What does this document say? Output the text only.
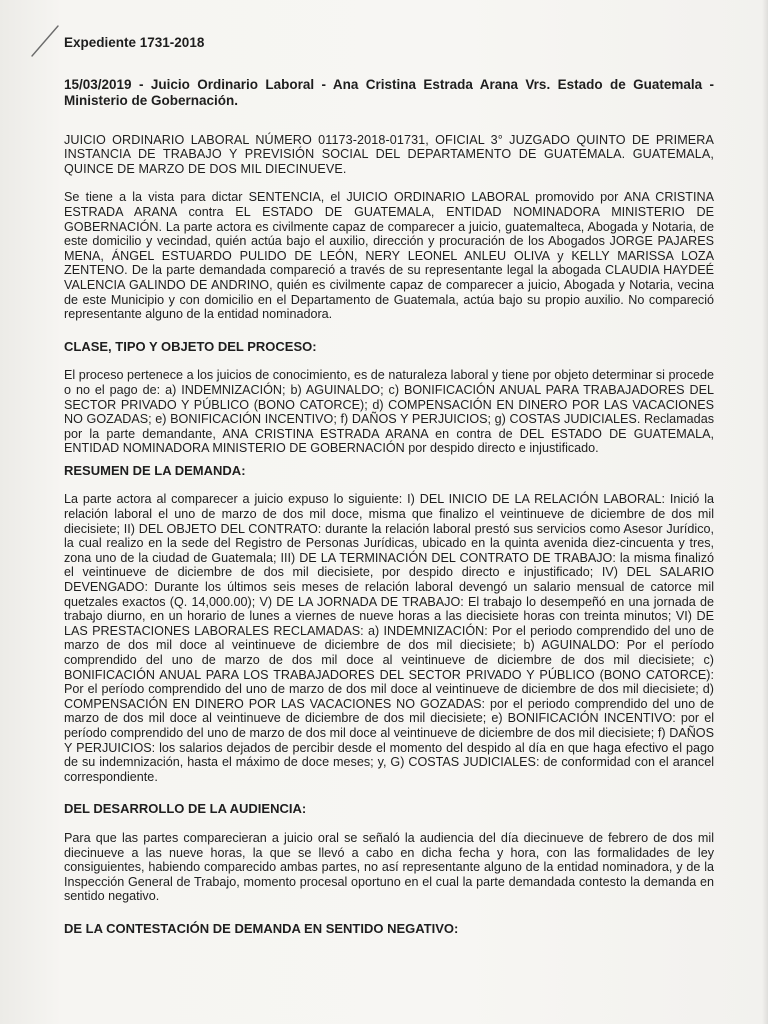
Expediente 1731-2018

15/03/2019 - Juicio Ordinario Laboral - Ana Cristina Estrada Arana Vrs. Estado de Guatemala - Ministerio de Gobernación.

JUICIO ORDINARIO LABORAL NÚMERO 01173-2018-01731, OFICIAL 3° JUZGADO QUINTO DE PRIMERA INSTANCIA DE TRABAJO Y PREVISIÓN SOCIAL DEL DEPARTAMENTO DE GUATEMALA. GUATEMALA, QUINCE DE MARZO DE DOS MIL DIECINUEVE.

Se tiene a la vista para dictar SENTENCIA, el JUICIO ORDINARIO LABORAL promovido por ANA CRISTINA ESTRADA ARANA contra EL ESTADO DE GUATEMALA, ENTIDAD NOMINADORA MINISTERIO DE GOBERNACIÓN. La parte actora es civilmente capaz de comparecer a juicio, guatemalteca, Abogada y Notaria, de este domicilio y vecindad, quién actúa bajo el auxilio, dirección y procuración de los Abogados JORGE PAJARES MENA, ÁNGEL ESTUARDO PULIDO DE LEÓN, NERY LEONEL ANLEU OLIVA y KELLY MARISSA LOZA ZENTENO. De la parte demandada compareció a través de su representante legal la abogada CLAUDIA HAYDEÉ VALENCIA GALINDO DE ANDRINO, quién es civilmente capaz de comparecer a juicio, Abogada y Notaria, vecina de este Municipio y con domicilio en el Departamento de Guatemala, actúa bajo su propio auxilio. No compareció representante alguno de la entidad nominadora.

CLASE, TIPO Y OBJETO DEL PROCESO:

El proceso pertenece a los juicios de conocimiento, es de naturaleza laboral y tiene por objeto determinar si procede o no el pago de: a) INDEMNIZACIÓN; b) AGUINALDO; c) BONIFICACIÓN ANUAL PARA TRABAJADORES DEL SECTOR PRIVADO Y PÚBLICO (BONO CATORCE); d) COMPENSACIÓN EN DINERO POR LAS VACACIONES NO GOZADAS; e) BONIFICACIÓN INCENTIVO; f) DAÑOS Y PERJUICIOS; g) COSTAS JUDICIALES. Reclamadas por la parte demandante, ANA CRISTINA ESTRADA ARANA en contra de DEL ESTADO DE GUATEMALA, ENTIDAD NOMINADORA MINISTERIO DE GOBERNACIÓN por despido directo e injustificado.

RESUMEN DE LA DEMANDA:

La parte actora al comparecer a juicio expuso lo siguiente: I) DEL INICIO DE LA RELACIÓN LABORAL: Inició la relación laboral el uno de marzo de dos mil doce, misma que finalizo el veintinueve de diciembre de dos mil diecisiete; II) DEL OBJETO DEL CONTRATO: durante la relación laboral prestó sus servicios como Asesor Jurídico, la cual realizo en la sede del Registro de Personas Jurídicas, ubicado en la quinta avenida diez-cincuenta y tres, zona uno de la ciudad de Guatemala; III) DE LA TERMINACIÓN DEL CONTRATO DE TRABAJO: la misma finalizó el veintinueve de diciembre de dos mil diecisiete, por despido directo e injustificado; IV) DEL SALARIO DEVENGADO: Durante los últimos seis meses de relación laboral devengó un salario mensual de catorce mil quetzales exactos (Q. 14,000.00); V) DE LA JORNADA DE TRABAJO: El trabajo lo desempeñó en una jornada de trabajo diurno, en un horario de lunes a viernes de nueve horas a las diecisiete horas con treinta minutos; VI) DE LAS PRESTACIONES LABORALES RECLAMADAS: a) INDEMNIZACIÓN: Por el periodo comprendido del uno de marzo de dos mil doce al veintinueve de diciembre de dos mil diecisiete; b) AGUINALDO: Por el período comprendido del uno de marzo de dos mil doce al veintinueve de diciembre de dos mil diecisiete; c) BONIFICACIÓN ANUAL PARA LOS TRABAJADORES DEL SECTOR PRIVADO Y PÚBLICO (BONO CATORCE): Por el período comprendido del uno de marzo de dos mil doce al veintinueve de diciembre de dos mil diecisiete; d) COMPENSACIÓN EN DINERO POR LAS VACACIONES NO GOZADAS: por el periodo comprendido del uno de marzo de dos mil doce al veintinueve de diciembre de dos mil diecisiete; e) BONIFICACIÓN INCENTIVO: por el período comprendido del uno de marzo de dos mil doce al veintinueve de diciembre de dos mil diecisiete; f) DAÑOS Y PERJUICIOS: los salarios dejados de percibir desde el momento del despido al día en que haga efectivo el pago de su indemnización, hasta el máximo de doce meses; y, G) COSTAS JUDICIALES: de conformidad con el arancel correspondiente.

DEL DESARROLLO DE LA AUDIENCIA:

Para que las partes comparecieran a juicio oral se señaló la audiencia del día diecinueve de febrero de dos mil diecinueve a las nueve horas, la que se llevó a cabo en dicha fecha y hora, con las formalidades de ley consiguientes, habiendo comparecido ambas partes, no así representante alguno de la entidad nominadora, y de la Inspección General de Trabajo, momento procesal oportuno en el cual la parte demandada contesto la demanda en sentido negativo.

DE LA CONTESTACIÓN DE DEMANDA EN SENTIDO NEGATIVO:
